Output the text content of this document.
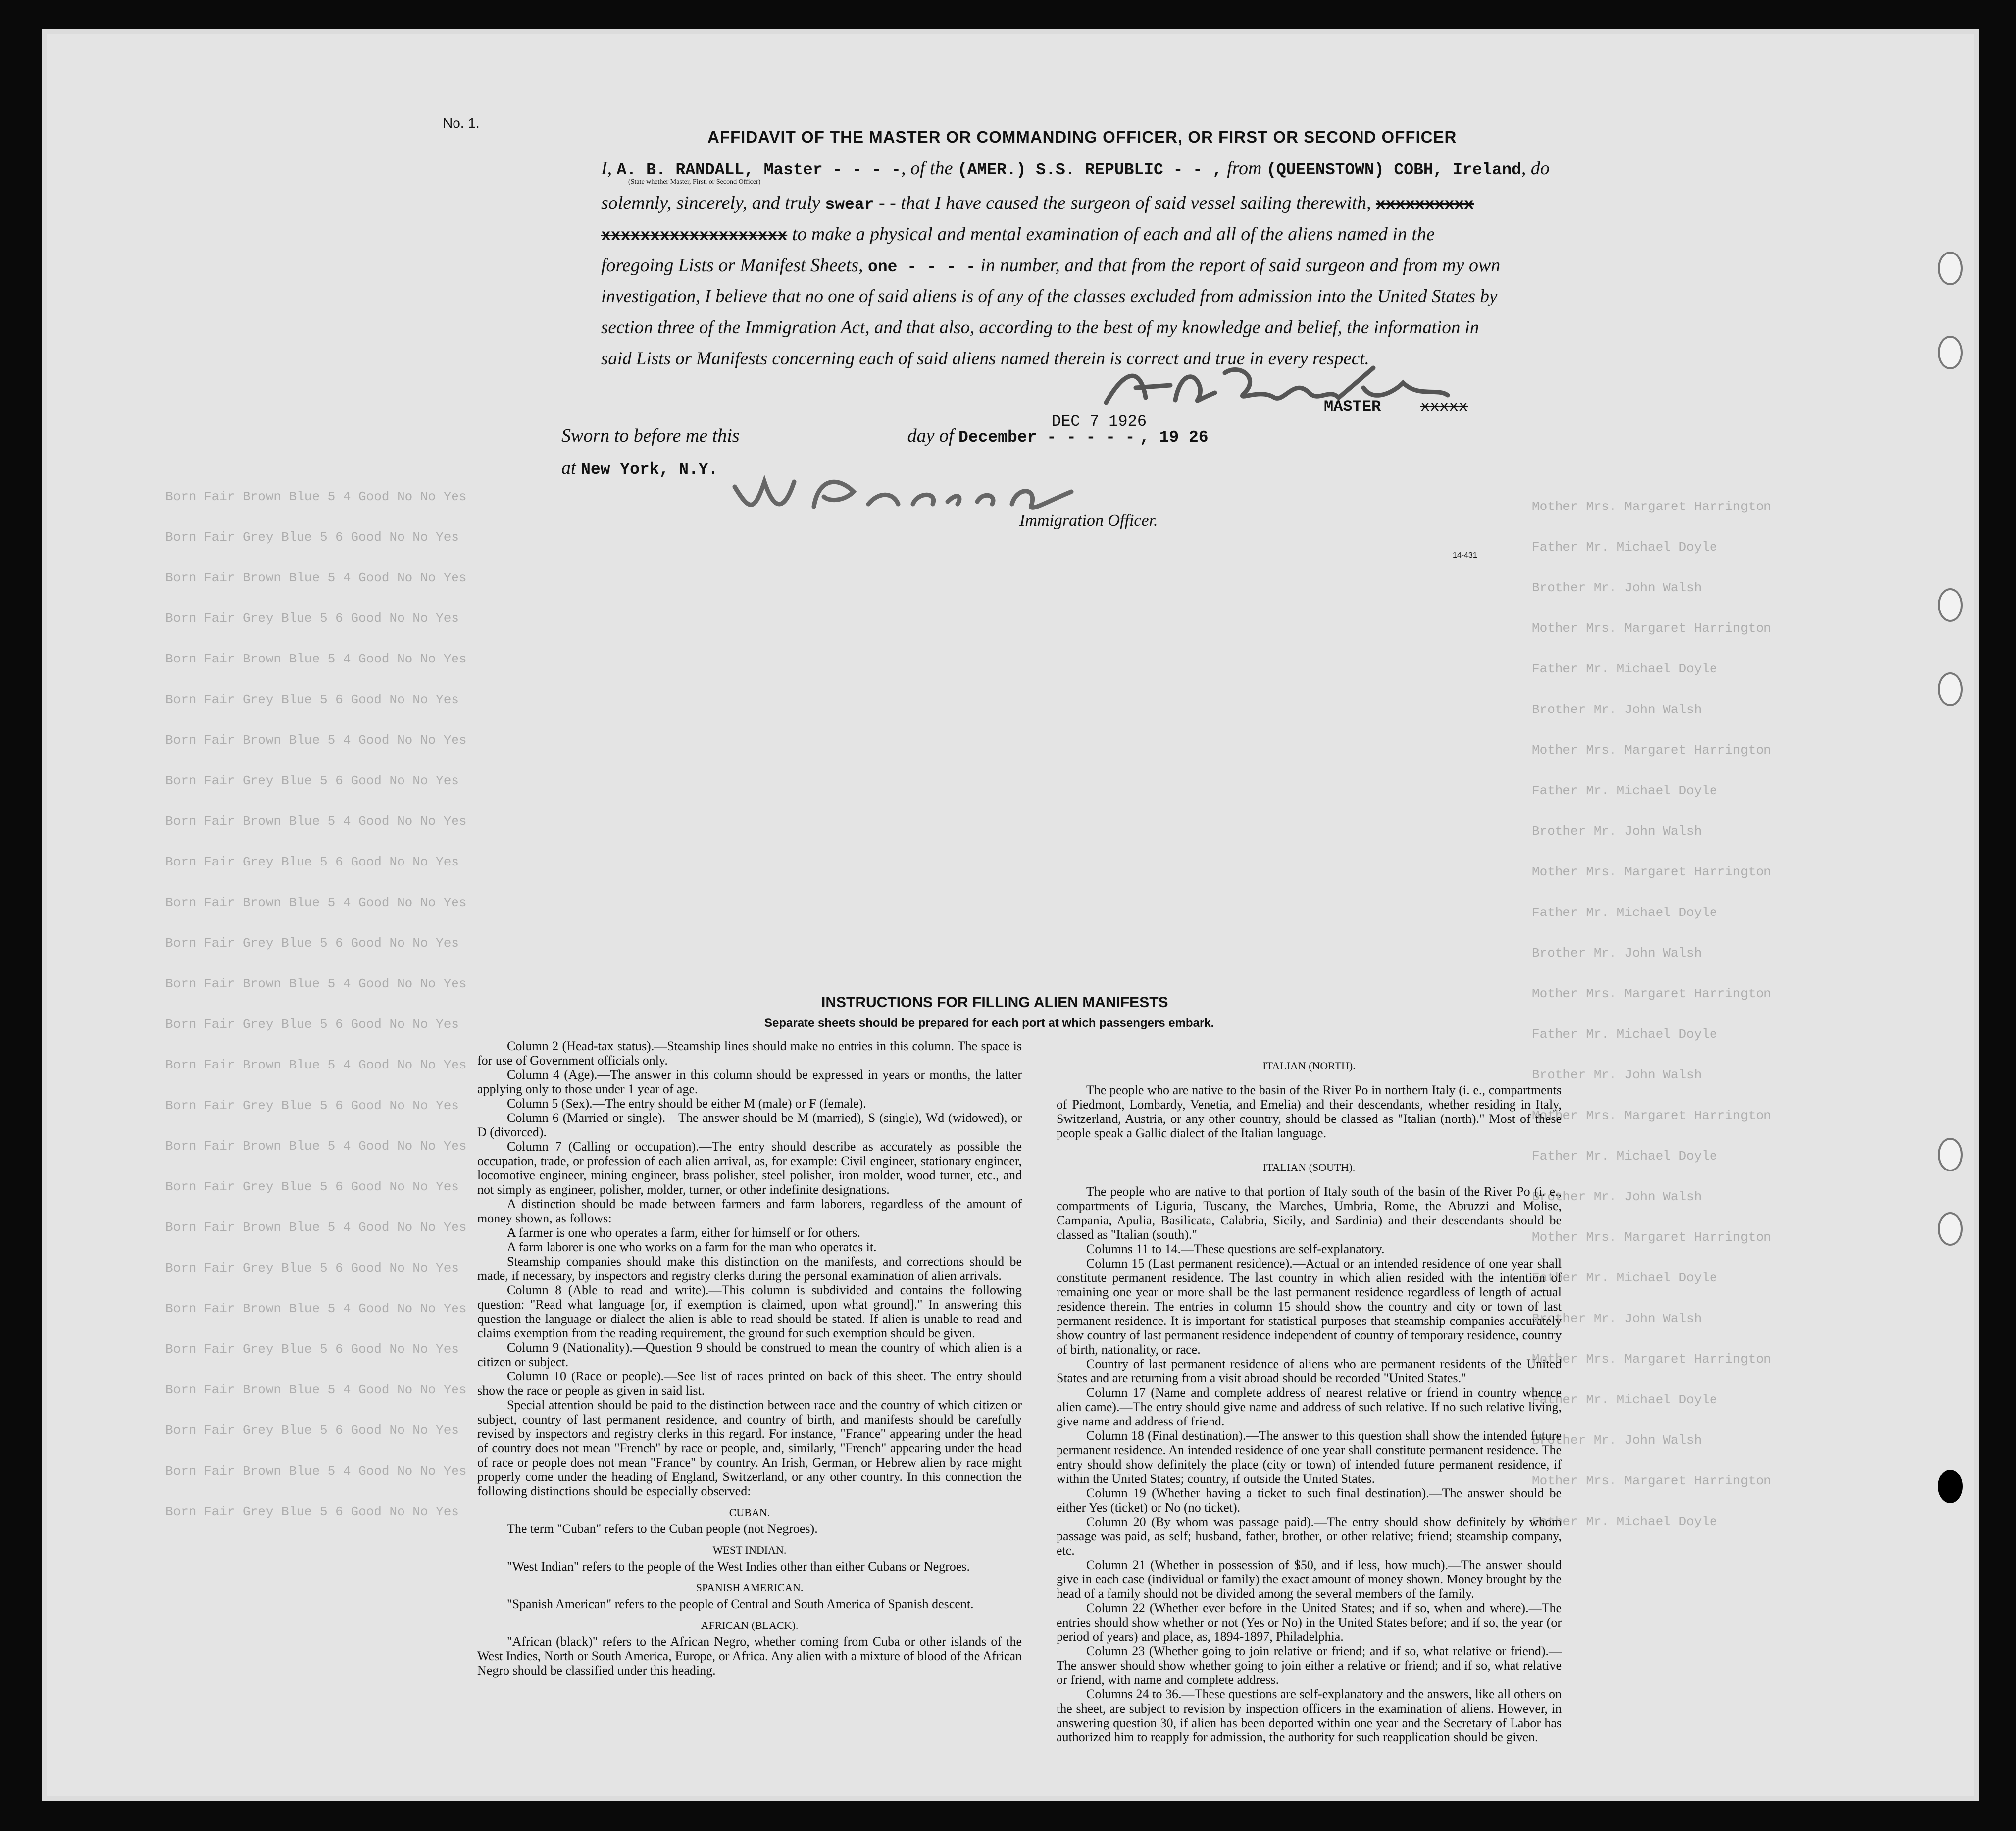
Born Fair Brown Blue 5 4 Good No No Yes
Mother Mrs. Margaret Harrington
Born Fair Grey Blue 5 6 Good No No Yes
Father Mr. Michael Doyle
Born Fair Brown Blue 5 4 Good No No Yes
Brother Mr. John Walsh
Born Fair Grey Blue 5 6 Good No No Yes
Mother Mrs. Margaret Harrington
Born Fair Brown Blue 5 4 Good No No Yes
Father Mr. Michael Doyle
Born Fair Grey Blue 5 6 Good No No Yes
Brother Mr. John Walsh
Born Fair Brown Blue 5 4 Good No No Yes
Mother Mrs. Margaret Harrington
Born Fair Grey Blue 5 6 Good No No Yes
Father Mr. Michael Doyle
Born Fair Brown Blue 5 4 Good No No Yes
Brother Mr. John Walsh
Born Fair Grey Blue 5 6 Good No No Yes
Mother Mrs. Margaret Harrington
Born Fair Brown Blue 5 4 Good No No Yes
Father Mr. Michael Doyle
Born Fair Grey Blue 5 6 Good No No Yes
Brother Mr. John Walsh
Born Fair Brown Blue 5 4 Good No No Yes
Mother Mrs. Margaret Harrington
Born Fair Grey Blue 5 6 Good No No Yes
Father Mr. Michael Doyle
Born Fair Brown Blue 5 4 Good No No Yes
Brother Mr. John Walsh
Born Fair Grey Blue 5 6 Good No No Yes
Mother Mrs. Margaret Harrington
Born Fair Brown Blue 5 4 Good No No Yes
Father Mr. Michael Doyle
Born Fair Grey Blue 5 6 Good No No Yes
Brother Mr. John Walsh
Born Fair Brown Blue 5 4 Good No No Yes
Mother Mrs. Margaret Harrington
Born Fair Grey Blue 5 6 Good No No Yes
Father Mr. Michael Doyle
Born Fair Brown Blue 5 4 Good No No Yes
Brother Mr. John Walsh
Born Fair Grey Blue 5 6 Good No No Yes
Mother Mrs. Margaret Harrington
Born Fair Brown Blue 5 4 Good No No Yes
Father Mr. Michael Doyle
Born Fair Grey Blue 5 6 Good No No Yes
Brother Mr. John Walsh
Born Fair Brown Blue 5 4 Good No No Yes
Mother Mrs. Margaret Harrington
Born Fair Grey Blue 5 6 Good No No Yes
Father Mr. Michael Doyle
No. 1.
AFFIDAVIT OF THE MASTER OR COMMANDING OFFICER, OR FIRST OR SECOND OFFICER
I, A. B. RANDALL, Master - - - -, of the (AMER.) S.S. REPUBLIC - - , from (QUEENSTOWN) COBH, Ireland, do
(State whether Master, First, or Second Officer)
solemnly, sincerely, and truly swear - - that I have caused the surgeon of said vessel sailing therewith, xxxxxxxxxx
xxxxxxxxxxxxxxxxxxx to make a physical and mental examination of each and all of the aliens named in the
foregoing Lists or Manifest Sheets, one - - - - in number, and that from the report of said surgeon and from my own
investigation, I believe that no one of said aliens is of any of the classes excluded from admission into the United States by
section three of the Immigration Act, and that also, according to the best of my knowledge and belief, the information in
said Lists or Manifests concerning each of said aliens named therein is correct and true in every respect.
DEC 7 1926
MASTER xxxxx
Sworn to before me this	day of December - - - - - , 19 26
at New York, N.Y.
Immigration Officer.
14-431
INSTRUCTIONS FOR FILLING ALIEN MANIFESTS
Separate sheets should be prepared for each port at which passengers embark.

Column 2 (Head-tax status).—Steamship lines should make no entries in this column. The space is for use of Government officials only.

Column 4 (Age).—The answer in this column should be expressed in years or months, the latter applying only to those under 1 year of age.

Column 5 (Sex).—The entry should be either M (male) or F (female).

Column 6 (Married or single).—The answer should be M (married), S (single), Wd (widowed), or D (divorced).

Column 7 (Calling or occupation).—The entry should describe as accurately as possible the occupation, trade, or profession of each alien arrival, as, for example: Civil engineer, stationary engineer, locomotive engineer, mining engineer, brass polisher, steel polisher, iron molder, wood turner, etc., and not simply as engineer, polisher, molder, turner, or other indefinite designations.

A distinction should be made between farmers and farm laborers, regardless of the amount of money shown, as follows:

A farmer is one who operates a farm, either for himself or for others.

A farm laborer is one who works on a farm for the man who operates it.

Steamship companies should make this distinction on the manifests, and corrections should be made, if necessary, by inspectors and registry clerks during the personal examination of alien arrivals.

Column 8 (Able to read and write).—This column is subdivided and contains the following question: "Read what language [or, if exemption is claimed, upon what ground]." In answering this question the language or dialect the alien is able to read should be stated. If alien is unable to read and claims exemption from the reading requirement, the ground for such exemption should be given.

Column 9 (Nationality).—Question 9 should be construed to mean the country of which alien is a citizen or subject.

Column 10 (Race or people).—See list of races printed on back of this sheet. The entry should show the race or people as given in said list.

Special attention should be paid to the distinction between race and the country of which citizen or subject, country of last permanent residence, and country of birth, and manifests should be carefully revised by inspectors and registry clerks in this regard. For instance, "France" appearing under the head of country does not mean "French" by race or people, and, similarly, "French" appearing under the head of race or people does not mean "France" by country. An Irish, German, or Hebrew alien by race might properly come under the heading of England, Switzerland, or any other country. In this connection the following distinctions should be especially observed:

CUBAN.

The term "Cuban" refers to the Cuban people (not Negroes).

WEST INDIAN.

"West Indian" refers to the people of the West Indies other than either Cubans or Negroes.

SPANISH AMERICAN.

"Spanish American" refers to the people of Central and South America of Spanish descent.

AFRICAN (BLACK).

"African (black)" refers to the African Negro, whether coming from Cuba or other islands of the West Indies, North or South America, Europe, or Africa. Any alien with a mixture of blood of the African Negro should be classified under this heading.

ITALIAN (NORTH).

The people who are native to the basin of the River Po in northern Italy (i. e., compartments of Piedmont, Lombardy, Venetia, and Emelia) and their descendants, whether residing in Italy, Switzerland, Austria, or any other country, should be classed as "Italian (north)." Most of these people speak a Gallic dialect of the Italian language.

ITALIAN (SOUTH).

The people who are native to that portion of Italy south of the basin of the River Po (i. e., compartments of Liguria, Tuscany, the Marches, Umbria, Rome, the Abruzzi and Molise, Campania, Apulia, Basilicata, Calabria, Sicily, and Sardinia) and their descendants should be classed as "Italian (south)."

Columns 11 to 14.—These questions are self-explanatory.

Column 15 (Last permanent residence).—Actual or an intended residence of one year shall constitute permanent residence. The last country in which alien resided with the intention of remaining one year or more shall be the last permanent residence regardless of length of actual residence therein. The entries in column 15 should show the country and city or town of last permanent residence. It is important for statistical purposes that steamship companies accurately show country of last permanent residence independent of country of temporary residence, country of birth, nationality, or race.

Country of last permanent residence of aliens who are permanent residents of the United States and are returning from a visit abroad should be recorded "United States."

Column 17 (Name and complete address of nearest relative or friend in country whence alien came).—The entry should give name and address of such relative. If no such relative living, give name and address of friend.

Column 18 (Final destination).—The answer to this question shall show the intended future permanent residence. An intended residence of one year shall constitute permanent residence. The entry should show definitely the place (city or town) of intended future permanent residence, if within the United States; country, if outside the United States.

Column 19 (Whether having a ticket to such final destination).—The answer should be either Yes (ticket) or No (no ticket).

Column 20 (By whom was passage paid).—The entry should show definitely by whom passage was paid, as self; husband, father, brother, or other relative; friend; steamship company, etc.

Column 21 (Whether in possession of $50, and if less, how much).—The answer should give in each case (individual or family) the exact amount of money shown. Money brought by the head of a family should not be divided among the several members of the family.

Column 22 (Whether ever before in the United States; and if so, when and where).—The entries should show whether or not (Yes or No) in the United States before; and if so, the year (or period of years) and place, as, 1894-1897, Philadelphia.

Column 23 (Whether going to join relative or friend; and if so, what relative or friend).—The answer should show whether going to join either a relative or friend; and if so, what relative or friend, with name and complete address.

Columns 24 to 36.—These questions are self-explanatory and the answers, like all others on the sheet, are subject to revision by inspection officers in the examination of aliens. However, in answering question 30, if alien has been deported within one year and the Secretary of Labor has authorized him to reapply for admission, the authority for such reapplication should be given.
